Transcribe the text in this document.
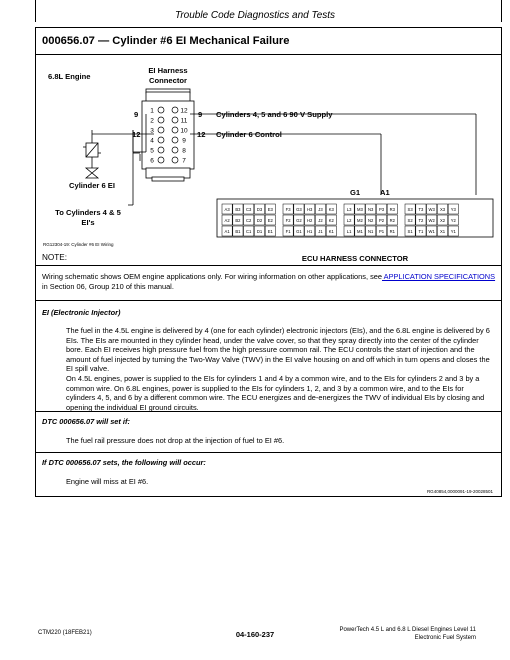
Trouble Code Diagnostics and Tests
000656.07 — Cylinder #6 EI Mechanical Failure
6.8L Engine
EI Harness
Connector
1
2
3
4
5
6
12
11
10
9
8
7
9	9 Cylinders 4, 5 and 6 90 V Supply
12	12 Cylinder 6 Control
Cylinder 6 EI
To Cylinders 4 & 5
EI's
G1	A1
A3 B3 C3 D3 E3	F3 G3 H3 J3 K3	L3 M3 N3 P3 R3	S3 T3 W3 X3 Y3
A2 B2 C2 D2 E2	F2 G2 H2 J2 K2	L2 M2 N2 P2 R2	S2 T2 W2 X2 Y2
A1 B1 C1 D1 E1	F1 G1 H1 J1 K1	L1 M1 N1 P1 R1	S1 T1 W1 X1 Y1
ECU HARNESS CONNECTOR
RG12304-19: Cylinder #6 EI Wiring
NOTE:
Wiring schematic shows OEM engine applications only. For wiring information on other applications, see APPLICATION SPECIFICATIONS in Section 06, Group 210 of this manual.
EI (Electronic Injector)
The fuel in the 4.5L engine is delivered by 4 (one for each cylinder) electronic injectors (EIs), and the 6.8L engine is delivered by 6 EIs. The EIs are mounted in they cylinder head, under the valve cover, so that they spray directly into the center of the cylinder bore. Each EI receives high pressure fuel from the high pressure common rail. The ECU controls the start of injection and the amount of fuel injected by turning the Two-Way Valve (TWV) in the EI valve housing on and off which in turn opens and closes the EI spill valve.
On 4.5L engines, power is supplied to the EIs for cylinders 1 and 4 by a common wire, and to the EIs for cylinders 2 and 3 by a common wire. On 6.8L engines, power is supplied to the EIs for cylinders 1, 2, and 3 by a common wire, and to the EIs for cylinders 4, 5, and 6 by a different common wire. The ECU energizes and de-energizes the TWV of individual EIs by closing and opening the individual EI ground circuits.
DTC 000656.07 will set if:
The fuel rail pressure does not drop at the injection of fuel to EI #6.
If DTC 000656.07 sets, the following will occur:
Engine will miss at EI #6.
RG40854,0000091-19-20028501
CTM220 (18FEB21)	04-160-237	PowerTech 4.5 L and 6.8 L Diesel Engines Level 11
Electronic Fuel System
